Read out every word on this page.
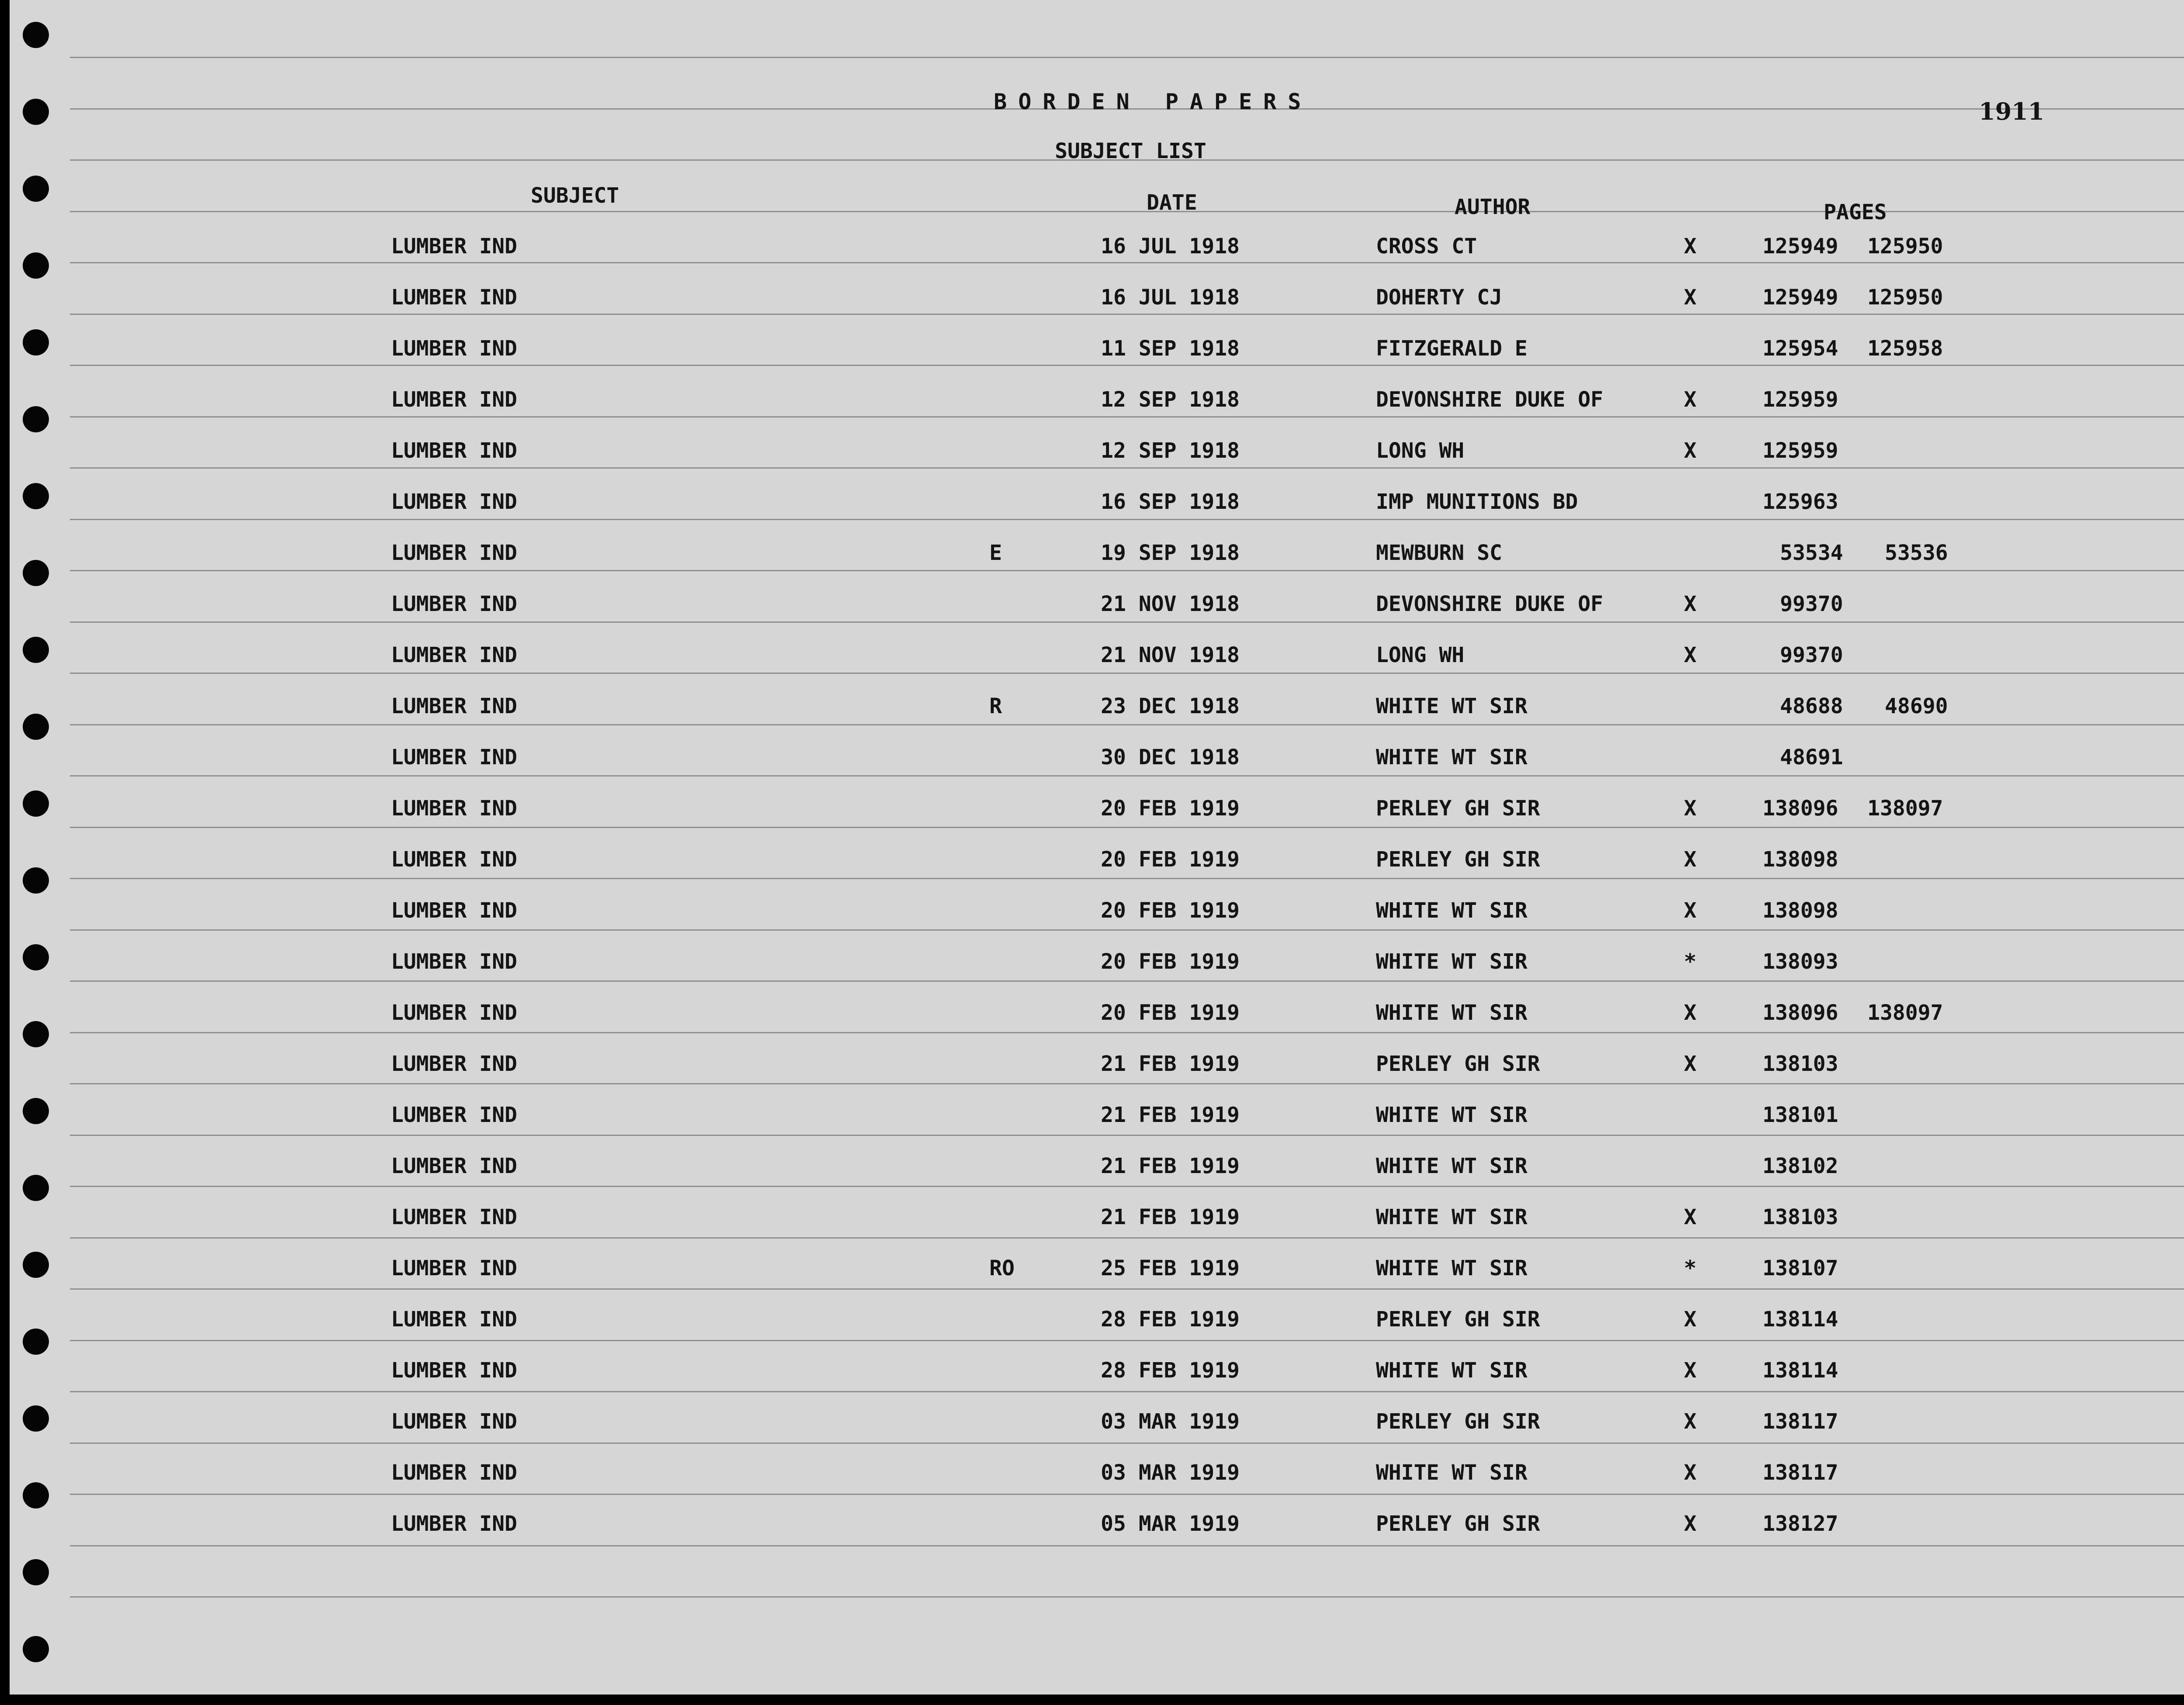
BORDEN PAPERS	1911
SUBJECT LIST
SUBJECT	DATE	AUTHOR	PAGES
LUMBER IND	16 JUL 1918	CROSS CT	X	125949 125950
LUMBER IND	16 JUL 1918	DOHERTY CJ	X	125949 125950
LUMBER IND	11 SEP 1918	FITZGERALD E	125954 125958
LUMBER IND	12 SEP 1918	DEVONSHIRE DUKE OF	X	125959
LUMBER IND	12 SEP 1918	LONG WH	X	125959
LUMBER IND	16 SEP 1918	IMP MUNITIONS BD	125963
LUMBER IND	E	19 SEP 1918	MEWBURN SC	53534 53536
LUMBER IND	21 NOV 1918	DEVONSHIRE DUKE OF	X	99370
LUMBER IND	21 NOV 1918	LONG WH	X	99370
LUMBER IND	R	23 DEC 1918	WHITE WT SIR	48688 48690
LUMBER IND	30 DEC 1918	WHITE WT SIR	48691
LUMBER IND	20 FEB 1919	PERLEY GH SIR	X	138096 138097
LUMBER IND	20 FEB 1919	PERLEY GH SIR	X	138098
LUMBER IND	20 FEB 1919	WHITE WT SIR	X	138098
LUMBER IND	20 FEB 1919	WHITE WT SIR	*	138093
LUMBER IND	20 FEB 1919	WHITE WT SIR	X	138096 138097
LUMBER IND	21 FEB 1919	PERLEY GH SIR	X	138103
LUMBER IND	21 FEB 1919	WHITE WT SIR	138101
LUMBER IND	21 FEB 1919	WHITE WT SIR	138102
LUMBER IND	21 FEB 1919	WHITE WT SIR	X	138103
LUMBER IND	RO	25 FEB 1919	WHITE WT SIR	*	138107
LUMBER IND	28 FEB 1919	PERLEY GH SIR	X	138114
LUMBER IND	28 FEB 1919	WHITE WT SIR	X	138114
LUMBER IND	03 MAR 1919	PERLEY GH SIR	X	138117
LUMBER IND	03 MAR 1919	WHITE WT SIR	X	138117
LUMBER IND	05 MAR 1919	PERLEY GH SIR	X	138127
